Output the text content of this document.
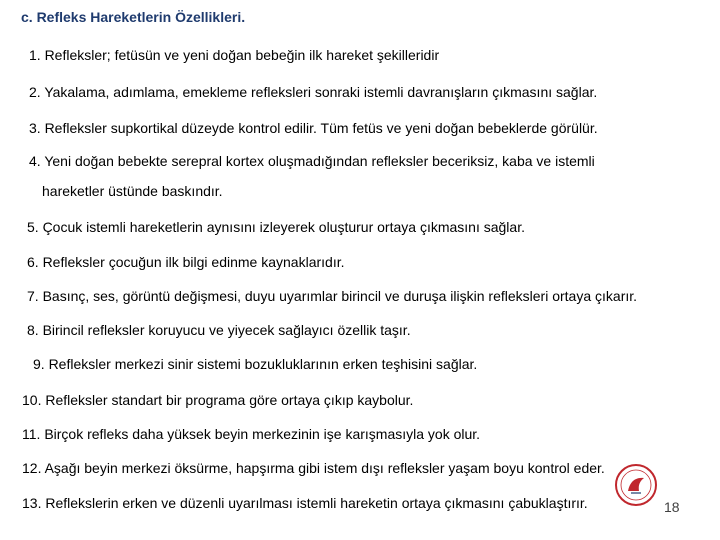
c. Refleks Hareketlerin Özellikleri.
1. Refleksler; fetüsün ve yeni doğan bebeğin ilk hareket şekilleridir
2. Yakalama, adımlama, emekleme refleksleri sonraki istemli davranışların çıkmasını sağlar.
3. Refleksler supkortikal düzeyde kontrol edilir. Tüm fetüs ve yeni doğan bebeklerde görülür.
4. Yeni doğan bebekte serepral kortex oluşmadığından refleksler beceriksiz, kaba ve istemli
hareketler üstünde baskındır.
5. Çocuk istemli hareketlerin aynısını izleyerek oluşturur ortaya çıkmasını sağlar.
6. Refleksler çocuğun ilk bilgi edinme kaynaklarıdır.
7. Basınç, ses, görüntü değişmesi, duyu uyarımlar birincil ve duruşa ilişkin refleksleri ortaya çıkarır.
8. Birincil refleksler koruyucu ve yiyecek sağlayıcı özellik taşır.
9. Refleksler merkezi sinir sistemi bozukluklarının erken teşhisini sağlar.
10. Refleksler standart bir programa göre ortaya çıkıp kaybolur.
11. Birçok refleks daha yüksek beyin merkezinin işe karışmasıyla yok olur.
12. Aşağı beyin merkezi öksürme, hapşırma gibi istem dışı refleksler yaşam boyu kontrol eder.
13. Reflekslerin erken ve düzenli uyarılması istemli hareketin ortaya çıkmasını çabuklaştırır.	18
